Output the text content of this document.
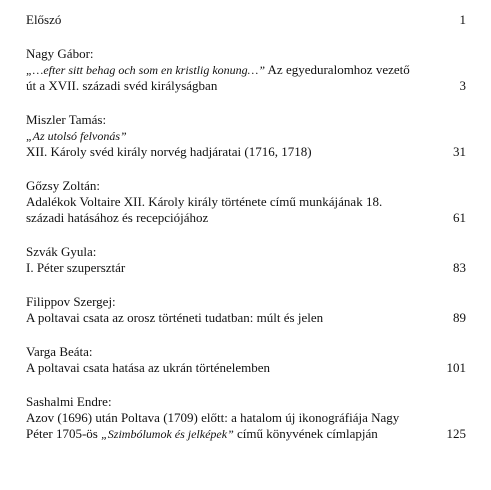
Előszó	1
Nagy Gábor:
„…efter sitt behag och som en kristlig konung…” Az egyeduralomhoz vezető
út a XVII. századi svéd királyságban	3
Miszler Tamás:
„Az utolsó felvonás”
XII. Károly svéd király norvég hadjáratai (1716, 1718)	31
Gőzsy Zoltán:
Adalékok Voltaire XII. Károly király története című munkájának 18.
századi hatásához és recepciójához	61
Szvák Gyula:
I. Péter szupersztár	83
Filippov Szergej:
A poltavai csata az orosz történeti tudatban: múlt és jelen	89
Varga Beáta:
A poltavai csata hatása az ukrán történelemben	101
Sashalmi Endre:
Azov (1696) után Poltava (1709) előtt: a hatalom új ikonográfiája Nagy
Péter 1705-ös „Szimbólumok és jelképek” című könyvének címlapján	125
